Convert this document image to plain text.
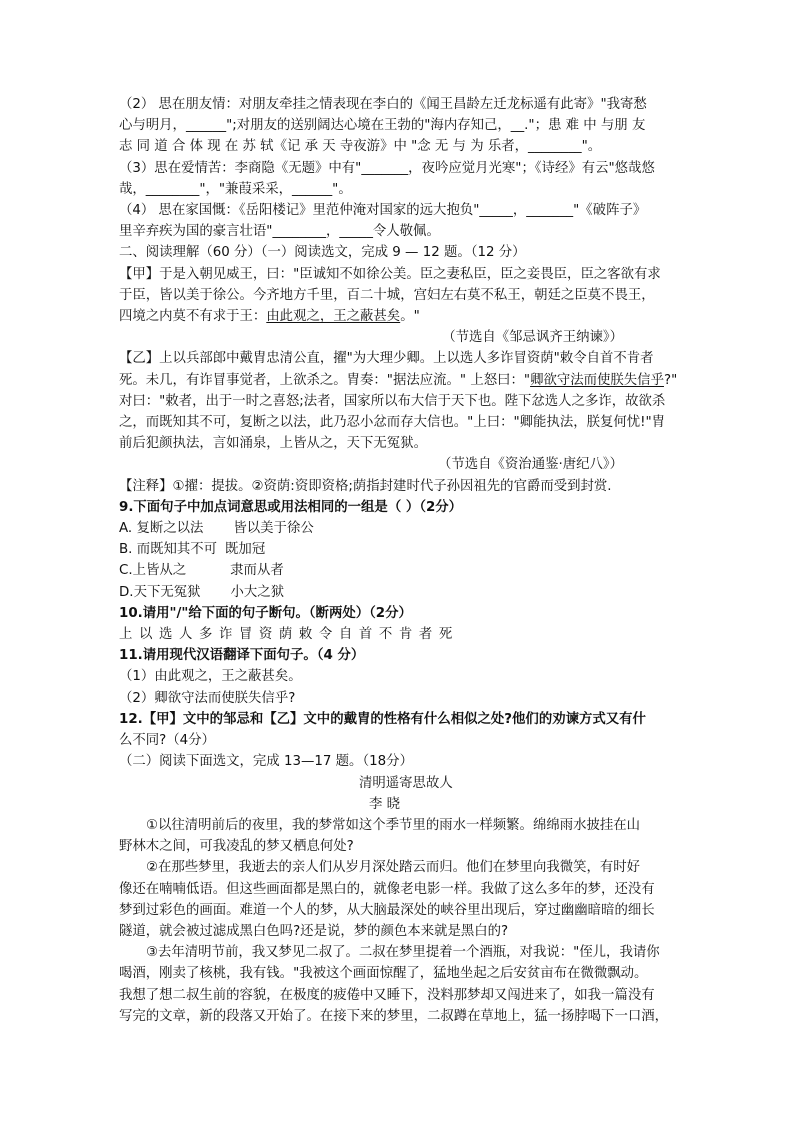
（2） 思在朋友情：对朋友牵挂之情表现在李白的《闻王昌龄左迁龙标遥有此寄》"我寄愁
心与明月，______";对朋友的送别阔达心境在王勃的"海内存知己，__."；患 难 中 与朋 友
志 同 道 合 体 现 在 苏 轼《记 承 天 寺夜游》中 "念 无 与 为 乐者，________"。
（3）思在爱情苦：李商隐《无题》中有"_______，夜吟应觉月光寒"；《诗经》有云"悠哉悠
哉，________"，"兼葭采采，______"。
（4） 思在家国慨：《岳阳楼记》里范仲淹对国家的远大抱负"_____，_______"《破阵子》
里辛弃疾为国的豪言壮语"________，_____令人敬佩。
二、阅读理解（60 分）（一）阅读选文，完成 9 — 12 题。（12 分）
【甲】于是入朝见威王，曰："臣诚知不如徐公美。臣之妻私臣，臣之妾畏臣，臣之客欲有求
于臣，皆以美于徐公。今齐地方千里，百二十城，宫妇左右莫不私王，朝廷之臣莫不畏王，
四境之内莫不有求于王：由此观之，王之蔽甚矣。"
（节选自《邹忌讽齐王纳谏》）
【乙】上以兵部郎中戴胄忠清公直，擢"为大理少卿。上以选人多诈冒资荫"敕令自首不肯者
死。未几，有诈冒事觉者，上欲杀之。胄奏："据法应流。" 上怒曰："卿欲守法而使朕失信乎?"
对曰："敕者，出于一时之喜怒;法者，国家所以布大信于天下也。陛下忿选人之多诈，故欲杀
之，而既知其不可，复断之以法，此乃忍小忿而存大信也。"上曰："卿能执法，朕复何忧!"胄
前后犯颜执法，言如涌泉，上皆从之，天下无冤狱。
（节选自《资治通鉴·唐纪八》）
【注释】①擢：提拔。②资荫:资即资格;荫指封建时代子孙因祖先的官爵而受到封赏.
9.下面句子中加点词意思或用法相同的一组是（ ）（2分）
A. 复断之以法 皆以美于徐公
B. 而既知其不可 既加冠
C.上皆从之	隶而从者
D.天下无冤狱 小大之狱
10.请用"/"给下面的句子断句。（断两处）（2分）
上以选人多诈冒资荫敕令自首不肯者死
11.请用现代汉语翻译下面句子。（4 分）
（1）由此观之，王之蔽甚矣。
（2）卿欲守法而使朕失信乎?
12.【甲】文中的邹忌和【乙】文中的戴胄的性格有什么相似之处?他们的劝谏方式又有什
么不同?（4分）
（二）阅读下面选文，完成 13—17 题。（18分）
清明遥寄思故人
李 晓
①以往清明前后的夜里，我的梦常如这个季节里的雨水一样频繁。绵绵雨水披挂在山
野林木之间，可我凌乱的梦又栖息何处?
②在那些梦里，我逝去的亲人们从岁月深处踏云而归。他们在梦里向我微笑，有时好
像还在喃喃低语。但这些画面都是黑白的，就像老电影一样。我做了这么多年的梦，还没有
梦到过彩色的画面。难道一个人的梦，从大脑最深处的峡谷里出现后，穿过幽幽暗暗的细长
隧道，就会被过滤成黑白色吗?还是说，梦的颜色本来就是黑白的?
③去年清明节前，我又梦见二叔了。二叔在梦里提着一个酒瓶，对我说："侄儿，我请你
喝酒，刚卖了核桃，我有钱。"我被这个画面惊醒了，猛地坐起之后安贫亩布在微微飘动。
我想了想二叔生前的容貌，在极度的疲倦中又睡下，没料那梦却又闯进来了，如我一篇没有
写完的文章，新的段落又开始了。在接下来的梦里，二叔蹲在草地上，猛一扬脖喝下一口酒，
